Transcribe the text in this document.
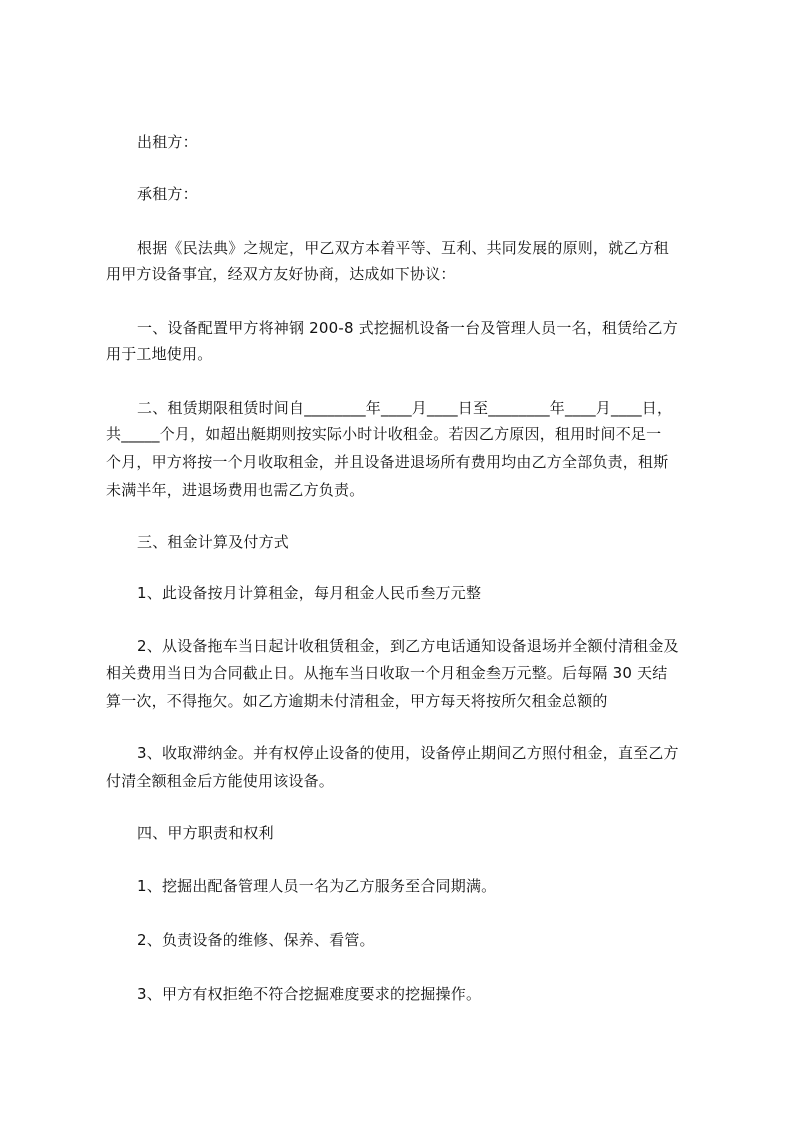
出租方：
承租方：
根据《民法典》之规定，甲乙双方本着平等、互利、共同发展的原则，就乙方租
用甲方设备事宜，经双方友好协商，达成如下协议：
一、设备配置甲方将神钢 200-8 式挖掘机设备一台及管理人员一名，租赁给乙方
用于工地使用。
二、租赁期限租赁时间自________年____月____日至________年____月____日，
共_____个月，如超出艇期则按实际小时计收租金。若因乙方原因，租用时间不足一
个月，甲方将按一个月收取租金，并且设备进退场所有费用均由乙方全部负责，租斯
未满半年，进退场费用也需乙方负责。
三、租金计算及付方式
1、此设备按月计算租金，每月租金人民币叁万元整
2、从设备拖车当日起计收租赁租金，到乙方电话通知设备退场并全额付清租金及
相关费用当日为合同截止日。从拖车当日收取一个月租金叁万元整。后每隔 30 天结
算一次，不得拖欠。如乙方逾期未付清租金，甲方每天将按所欠租金总额的
3、收取滞纳金。并有权停止设备的使用，设备停止期间乙方照付租金，直至乙方
付清全额租金后方能使用该设备。
四、甲方职责和权利
1、挖掘出配备管理人员一名为乙方服务至合同期满。
2、负责设备的维修、保养、看管。
3、甲方有权拒绝不符合挖掘难度要求的挖掘操作。
